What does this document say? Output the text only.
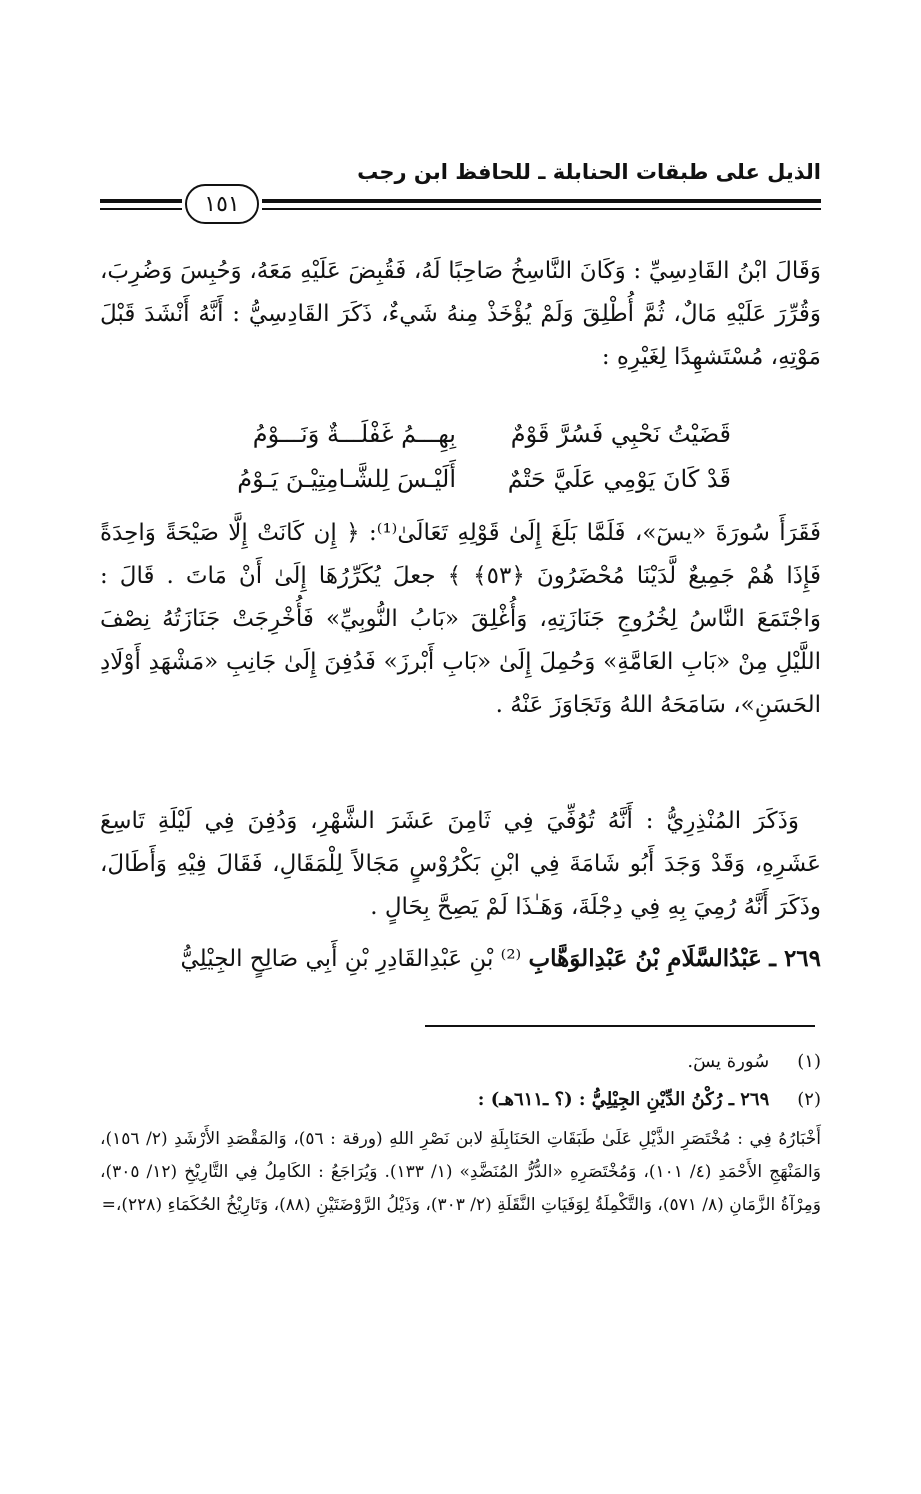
الذيل على طبقات الحنابلة ـ للحافظ ابن رجب
١٥١

وَقَالَ ابْنُ القَادِسِيِّ : وَكَانَ النَّاسِخُ صَاحِبًا لَهُ، فَقُبِضَ عَلَيْهِ مَعَهُ، وَحُبِسَ وَضُرِبَ، وَقُرِّرَ عَلَيْهِ مَالٌ، ثُمَّ أُطْلِقَ وَلَمْ يُؤْخَذْ مِنهُ شَيءٌ، ذَكَرَ القَادِسِيُّ : أَنَّهُ أَنْشَدَ قَبْلَ مَوْتِهِ، مُسْتَشهِدًا لِغَيْرِهِ :

قَضَيْتُ نَحْبِي فَسُرَّ قَوْمٌ
بِهِـــمُ غَفْلَـــةٌ وَنَـــوْمُ
قَدْ كَانَ يَوْمِي عَلَيَّ حَتْمٌ
أَلَيْـسَ لِلشَّـامِتِيْـنَ يَـوْمُ

فَقَرَأَ سُورَةَ «يسٓ»، فَلَمَّا بَلَغَ إِلَىٰ قَوْلِهِ تَعَالَىٰ⁽¹⁾: ﴿ إِن كَانَتْ إِلَّا صَيْحَةً وَاحِدَةً فَإِذَا هُمْ جَمِيعٌ لَّدَيْنَا مُحْضَرُونَ ﴿٥٣﴾ ﴾ جعلَ يُكَرِّرُهَا إِلَىٰ أَنْ مَاتَ . قَالَ : وَاجْتَمَعَ النَّاسُ لِخُرُوجِ جَنَازَتِهِ، وَأُغْلِقَ «بَابُ النُّوبِيِّ» فَأُخْرِجَتْ جَنَازَتُهُ نِصْفَ اللَّيْلِ مِنْ «بَابِ العَامَّةِ» وَحُمِلَ إِلَىٰ «بَابِ أَبْرزَ» فَدُفِنَ إِلَىٰ جَانِبِ «مَشْهَدِ أَوْلَادِ الحَسَنِ»، سَامَحَهُ اللهُ وَتَجَاوَزَ عَنْهُ .

وَذَكَرَ المُنْذِرِيُّ : أَنَّهُ تُوُفِّيَ فِي ثَامِنَ عَشَرَ الشَّهْرِ، وَدُفِنَ فِي لَيْلَةِ تَاسِعَ عَشَرِهِ، وَقَدْ وَجَدَ أَبُو شَامَةَ فِي ابْنِ بَكْرُوْسٍ مَجَالاً لِلْمَقَالِ، فَقَالَ فِيْهِ وَأَطَالَ، وذَكَرَ أَنَّهُ رُمِيَ بِهِ فِي دِجْلَةَ، وَهَـٰذَا لَمْ يَصِحَّ بِحَالٍ .

٢٦٩ ـ عَبْدُالسَّلَامِ بْنُ عَبْدِالوَهَّابِ ⁽²⁾ بْنِ عَبْدِالقَادِرِ بْنِ أَبِي صَالِحٍ الجِيْلِيُّ
(١) سُورة يسٓ.
(٢) ٢٦٩ ـ رُكْنُ الدِّيْنِ الجِيْلِيُّ : (؟ ـ٦١١هـ) :
أَخْبَارُهُ فِي : مُخْتَصَرِ الذَّيْلِ عَلَىٰ طَبَقَاتِ الحَنَابِلَةِ لابن نَصْرِ اللهِ (ورقة : ٥٦)، وَالمَقْصَدِ الأَرْشَدِ (٢/ ١٥٦)، وَالمَنْهَجِ الأَحْمَدِ (٤/ ١٠١)، وَمُخْتَصَرِهِ «الدُّرُّ المُنَضَّدِ» (١/ ١٣٣). وَيُرَاجَعُ : الكَامِلُ فِي التَّارِيْخِ (١٢/ ٣٠٥)، وَمِرْآةُ الزَّمَانِ (٨/ ٥٧١)، وَالتَّكْمِلَةُ لِوَفَيَاتِ النَّقَلَةِ (٢/ ٣٠٣)، وَذَيْلُ الرَّوْضَتَيْنِ (٨٨)، وَتَارِيْخُ الحُكَمَاءِ (٢٢٨)،=
